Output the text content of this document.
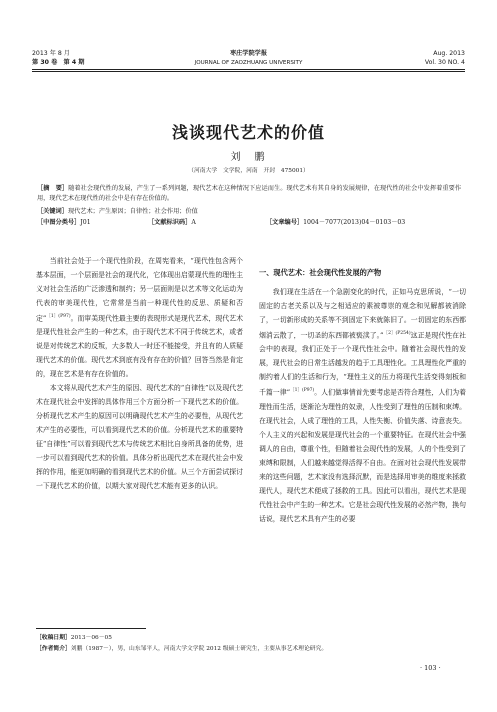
2013 年 8 月
第 30 卷　第 4 期
枣庄学院学报
JOURNAL OF ZAOZHUANG UNIVERSITY
Aug. 2013
Vol. 30 NO. 4
浅谈现代艺术的价值
刘　鹏
（河南大学　文学院，河南　开封　475001）
［摘　要］随着社会现代性的发展，产生了一系列问题，现代艺术在这种情况下应运而生。现代艺术有其自身的发展规律，在现代性的社会中发挥着重要作用，现代艺术在现代性的社会中是有存在价值的。
［关键词］现代艺术；产生原因；自律性；社会作用；价值
［中图分类号］J01	［文献标识码］A	［文章编号］1004－7077(2013)04－0103－03

当前社会处于一个现代性阶段，在周宪看来，“现代性包含两个基本层面，一个层面是社会的现代化，它体现出启蒙现代性的理性主义对社会生活的广泛渗透和制约；另一层面则是以艺术等文化运动为代表的审美现代性，它常常是当前一种现代性的反思、质疑和否定”$^{[1](P97)}$。而审美现代性最主要的表现形式是现代艺术，现代艺术是现代性社会产生的一种艺术，由于现代艺术不同于传统艺术，或者说是对传统艺术的反叛，大多数人一时还不能接受，并且有的人质疑现代艺术的价值。现代艺术到底有没有存在的价值？回答当然是肯定的，现在艺术是有存在价值的。

本文将从现代艺术产生的原因、现代艺术的“自律性”以及现代艺术在现代社会中发挥的具体作用三个方面分析一下现代艺术的价值。分析现代艺术产生的原因可以明确现代艺术产生的必要性，从现代艺术产生的必要性，可以看到现代艺术的价值。分析现代艺术的重要特征“自律性”可以看到现代艺术与传统艺术相比自身所具备的优势，进一步可以看到现代艺术的价值。具体分析出现代艺术在现代社会中发挥的作用，能更加明确的看到现代艺术的价值。从三个方面尝试探讨一下现代艺术的价值，以期大家对现代艺术能有更多的认识。

［收稿日期］2013－06－05
［作者简介］刘鹏（1987－），男，山东邹平人，河南大学文学院 2012 级硕士研究生，主要从事艺术理论研究。
一、现代艺术：社会现代性发展的产物

我们现在生活在一个急剧变化的时代，正如马克思所说，“一切固定的古老关系以及与之相适应的素被尊崇的观念和见解都被消除了，一切新形成的关系等不到固定下来就陈旧了。一切固定的东西都烟消云散了，一切圣的东西都被亵渎了。”$^{[2](P254)}$这正是现代性在社会中的表现，我们正处于一个现代性社会中。随着社会现代性的发展，现代社会的日常生活越发的趋于工具理性化。工具理性化严重的制约着人们的生活和行为，“理性主义的压力将现代生活变得刻板和千篇一律”$^{[1](P97)}$。人们做事情首先要考虑是否符合理性，人们为着理性而生活，逐渐沦为理性的奴隶，人性受到了理性的压制和束缚。在现代社会，人成了理性的工具，人性失衡、价值失落、诗意丧失。个人主义的兴起和发展是现代社会的一个重要特征。在现代社会中强调人的自由，尊重个性，但随着社会现代性的发展，人的个性受到了束缚和限制，人们越来越觉得活得不自由。在面对社会现代性发展带来的这些问题，艺术家没有选择沉默，而是选择用审美的维度来拯救现代人，现代艺术便成了拯救的工具。因此可以看出，现代艺术是现代性社会中产生的一种艺术。它是社会现代性发展的必然产物，换句话说，现代艺术具有产生的必要

· 103 ·
